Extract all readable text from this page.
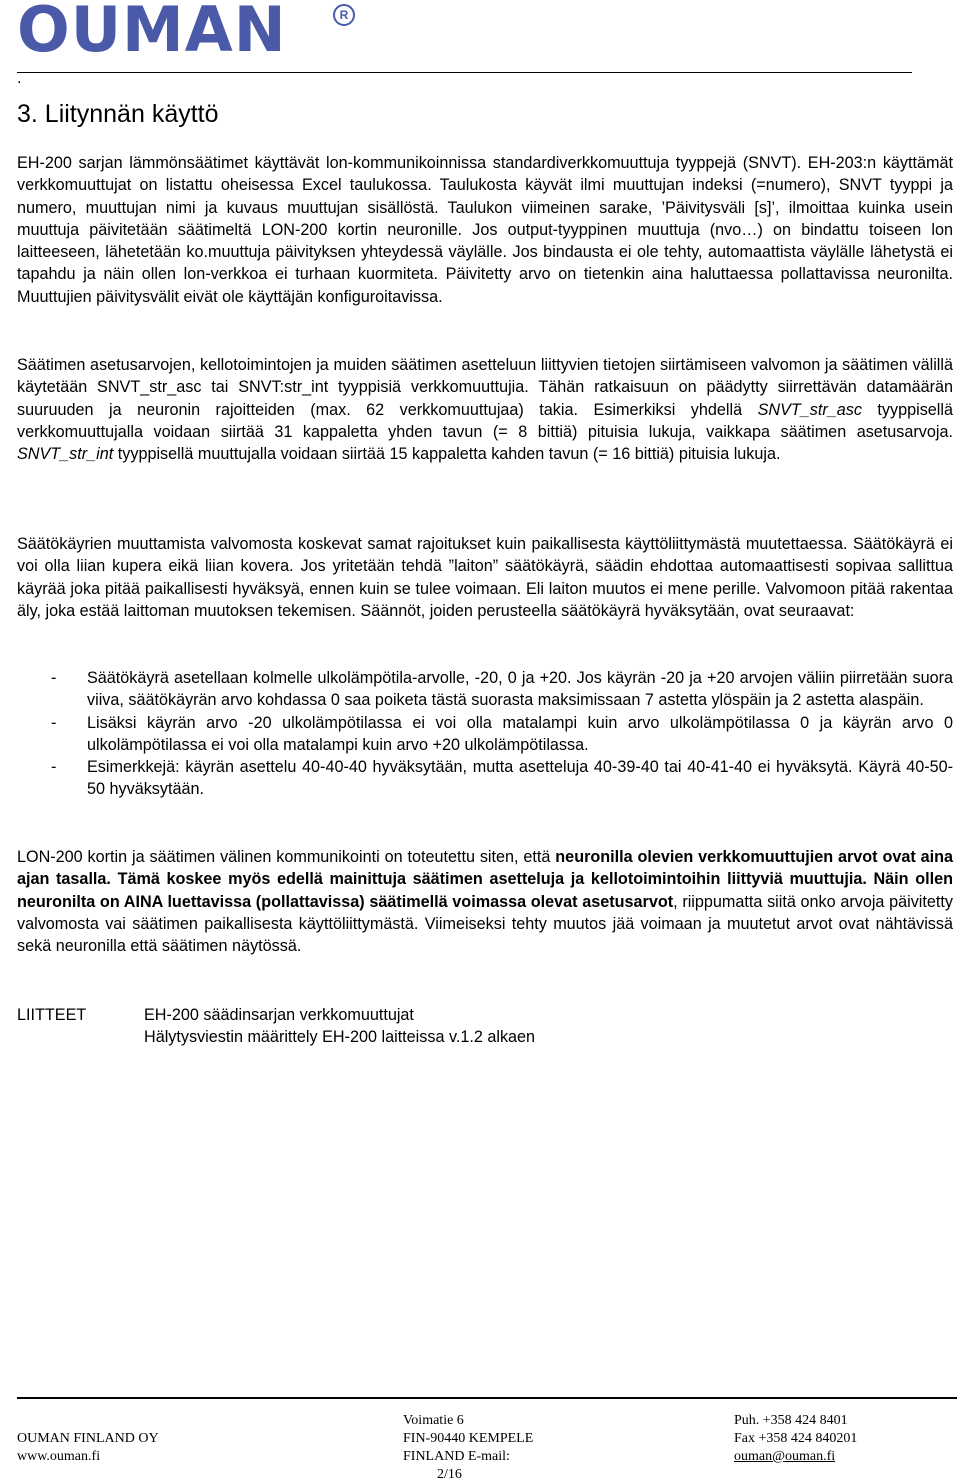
OUMAN	R
.
3. Liitynnän käyttö

EH-200 sarjan lämmönsäätimet käyttävät lon-kommunikoinnissa standardiverkkomuuttuja tyyppejä (SNVT). EH-203:n käyttämät verkkomuuttujat on listattu oheisessa Excel taulukossa. Taulukosta käyvät ilmi muuttujan indeksi (=numero), SNVT tyyppi ja numero, muuttujan nimi ja kuvaus muuttujan sisällöstä. Taulukon viimeinen sarake, ’Päivitysväli [s]’, ilmoittaa kuinka usein muuttuja päivitetään säätimeltä LON-200 kortin neuronille. Jos output-tyyppinen muuttuja (nvo…) on bindattu toiseen lon laitteeseen, lähetetään ko.muuttuja päivityksen yhteydessä väylälle. Jos bindausta ei ole tehty, automaattista väylälle lähetystä ei tapahdu ja näin ollen lon-verkkoa ei turhaan kuormiteta. Päivitetty arvo on tietenkin aina haluttaessa pollattavissa neuronilta. Muuttujien päivitysvälit eivät ole käyttäjän konfiguroitavissa.

Säätimen asetusarvojen, kellotoimintojen ja muiden säätimen asetteluun liittyvien tietojen siirtämiseen valvomon ja säätimen välillä käytetään SNVT_str_asc tai SNVT:str_int tyyppisiä verkkomuuttujia. Tähän ratkaisuun on päädytty siirrettävän datamäärän suuruuden ja neuronin rajoitteiden (max. 62 verkkomuuttujaa) takia. Esimerkiksi yhdellä SNVT_str_asc tyyppisellä verkkomuuttujalla voidaan siirtää 31 kappaletta yhden tavun (= 8 bittiä) pituisia lukuja, vaikkapa säätimen asetusarvoja. SNVT_str_int tyyppisellä muuttujalla voidaan siirtää 15 kappaletta kahden tavun (= 16 bittiä) pituisia lukuja.

Säätökäyrien muuttamista valvomosta koskevat samat rajoitukset kuin paikallisesta käyttöliittymästä muutettaessa. Säätökäyrä ei voi olla liian kupera eikä liian kovera. Jos yritetään tehdä ”laiton” säätökäyrä, säädin ehdottaa automaattisesti sopivaa sallittua käyrää joka pitää paikallisesti hyväksyä, ennen kuin se tulee voimaan. Eli laiton muutos ei mene perille. Valvomoon pitää rakentaa äly, joka estää laittoman muutoksen tekemisen. Säännöt, joiden perusteella säätökäyrä hyväksytään, ovat seuraavat:

- Säätökäyrä asetellaan kolmelle ulkolämpötila-arvolle, -20, 0 ja +20. Jos käyrän -20 ja +20 arvojen väliin piirretään suora viiva, säätökäyrän arvo kohdassa 0 saa poiketa tästä suorasta maksimissaan 7 astetta ylöspäin ja 2 astetta alaspäin.
- Lisäksi käyrän arvo -20 ulkolämpötilassa ei voi olla matalampi kuin arvo ulkolämpötilassa 0 ja käyrän arvo 0 ulkolämpötilassa ei voi olla matalampi kuin arvo +20 ulkolämpötilassa.
- Esimerkkejä: käyrän asettelu 40-40-40 hyväksytään, mutta asetteluja 40-39-40 tai 40-41-40 ei hyväksytä. Käyrä 40-50-50 hyväksytään.

LON-200 kortin ja säätimen välinen kommunikointi on toteutettu siten, että neuronilla olevien verkkomuuttujien arvot ovat aina ajan tasalla. Tämä koskee myös edellä mainittuja säätimen asetteluja ja kellotoimintoihin liittyviä muuttujia. Näin ollen neuronilta on AINA luettavissa (pollattavissa) säätimellä voimassa olevat asetusarvot, riippumatta siitä onko arvoja päivitetty valvomosta vai säätimen paikallisesta käyttöliittymästä. Viimeiseksi tehty muutos jää voimaan ja muutetut arvot ovat nähtävissä sekä neuronilla että säätimen näytössä.

LIITTEET	EH-200 säädinsarjan verkkomuuttujat
Hälytysviestin määrittely EH-200 laitteissa v.1.2 alkaen
OUMAN FINLAND OY
www.ouman.fi
Voimatie 6
FIN-90440 KEMPELE
FINLAND E-mail:
2/16
Puh. +358 424 8401
Fax +358 424 840201
ouman@ouman.fi
